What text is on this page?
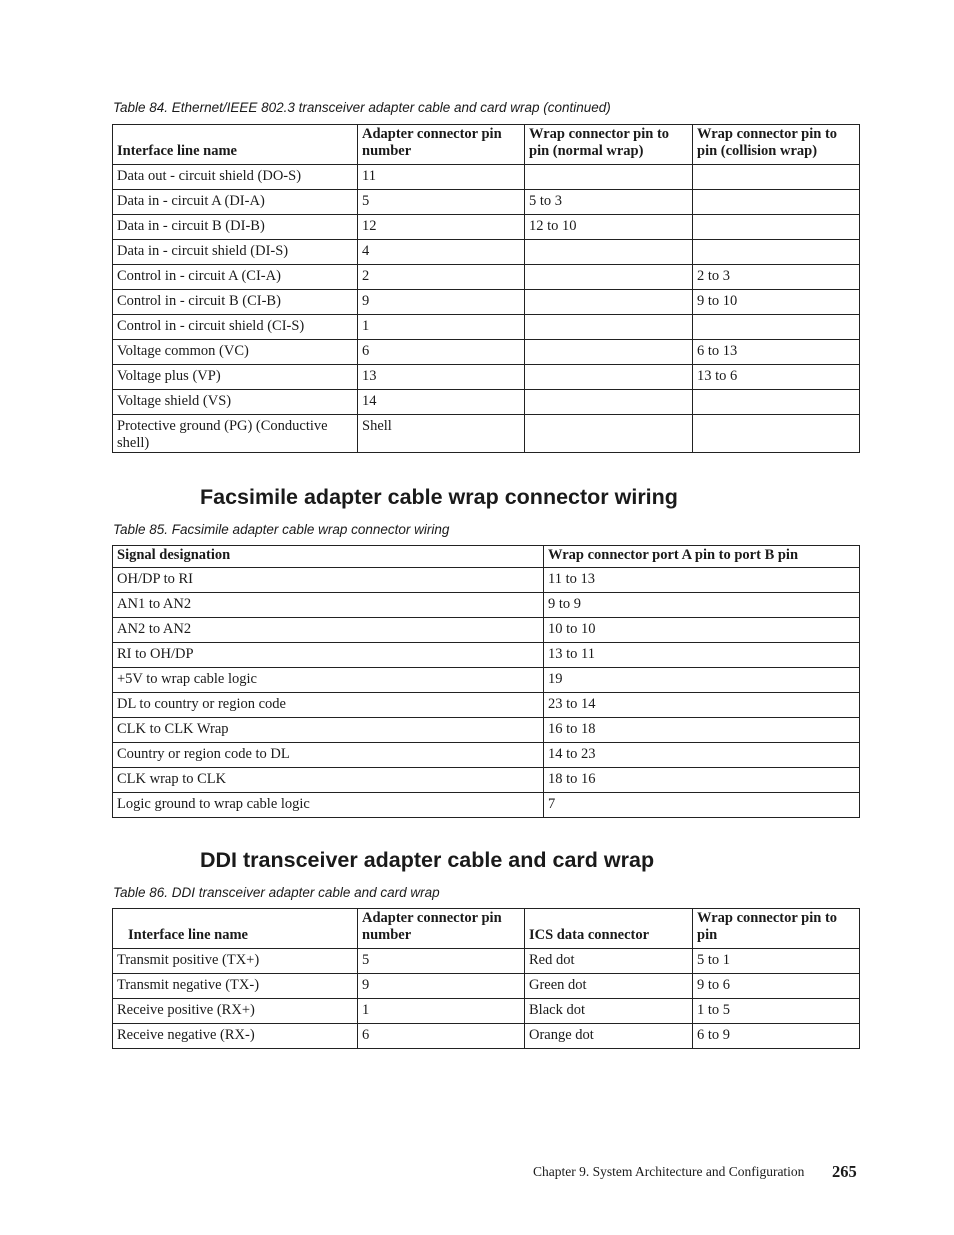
Table 84. Ethernet/IEEE 802.3 transceiver adapter cable and card wrap (continued)
Interface line name	Adapter connector pin number	Wrap connector pin to pin (normal wrap)	Wrap connector pin to pin (collision wrap)
Data out - circuit shield (DO-S)	11		
Data in - circuit A (DI-A)	5	5 to 3	
Data in - circuit B (DI-B)	12	12 to 10	
Data in - circuit shield (DI-S)	4		
Control in - circuit A (CI-A)	2		2 to 3
Control in - circuit B (CI-B)	9		9 to 10
Control in - circuit shield (CI-S)	1		
Voltage common (VC)	6		6 to 13
Voltage plus (VP)	13		13 to 6
Voltage shield (VS)	14		
Protective ground (PG) (Conductive shell)	Shell		
Facsimile adapter cable wrap connector wiring
Table 85. Facsimile adapter cable wrap connector wiring
Signal designation	Wrap connector port A pin to port B pin
OH/DP to RI	11 to 13
AN1 to AN2	9 to 9
AN2 to AN2	10 to 10
RI to OH/DP	13 to 11
+5V to wrap cable logic	19
DL to country or region code	23 to 14
CLK to CLK Wrap	16 to 18
Country or region code to DL	14 to 23
CLK wrap to CLK	18 to 16
Logic ground to wrap cable logic	7
DDI transceiver adapter cable and card wrap
Table 86. DDI transceiver adapter cable and card wrap
Interface line name	Adapter connector pin number	ICS data connector	Wrap connector pin to pin
Transmit positive (TX+)	5	Red dot	5 to 1
Transmit negative (TX-)	9	Green dot	9 to 6
Receive positive (RX+)	1	Black dot	1 to 5
Receive negative (RX-)	6	Orange dot	6 to 9
Chapter 9. System Architecture and Configuration 265
